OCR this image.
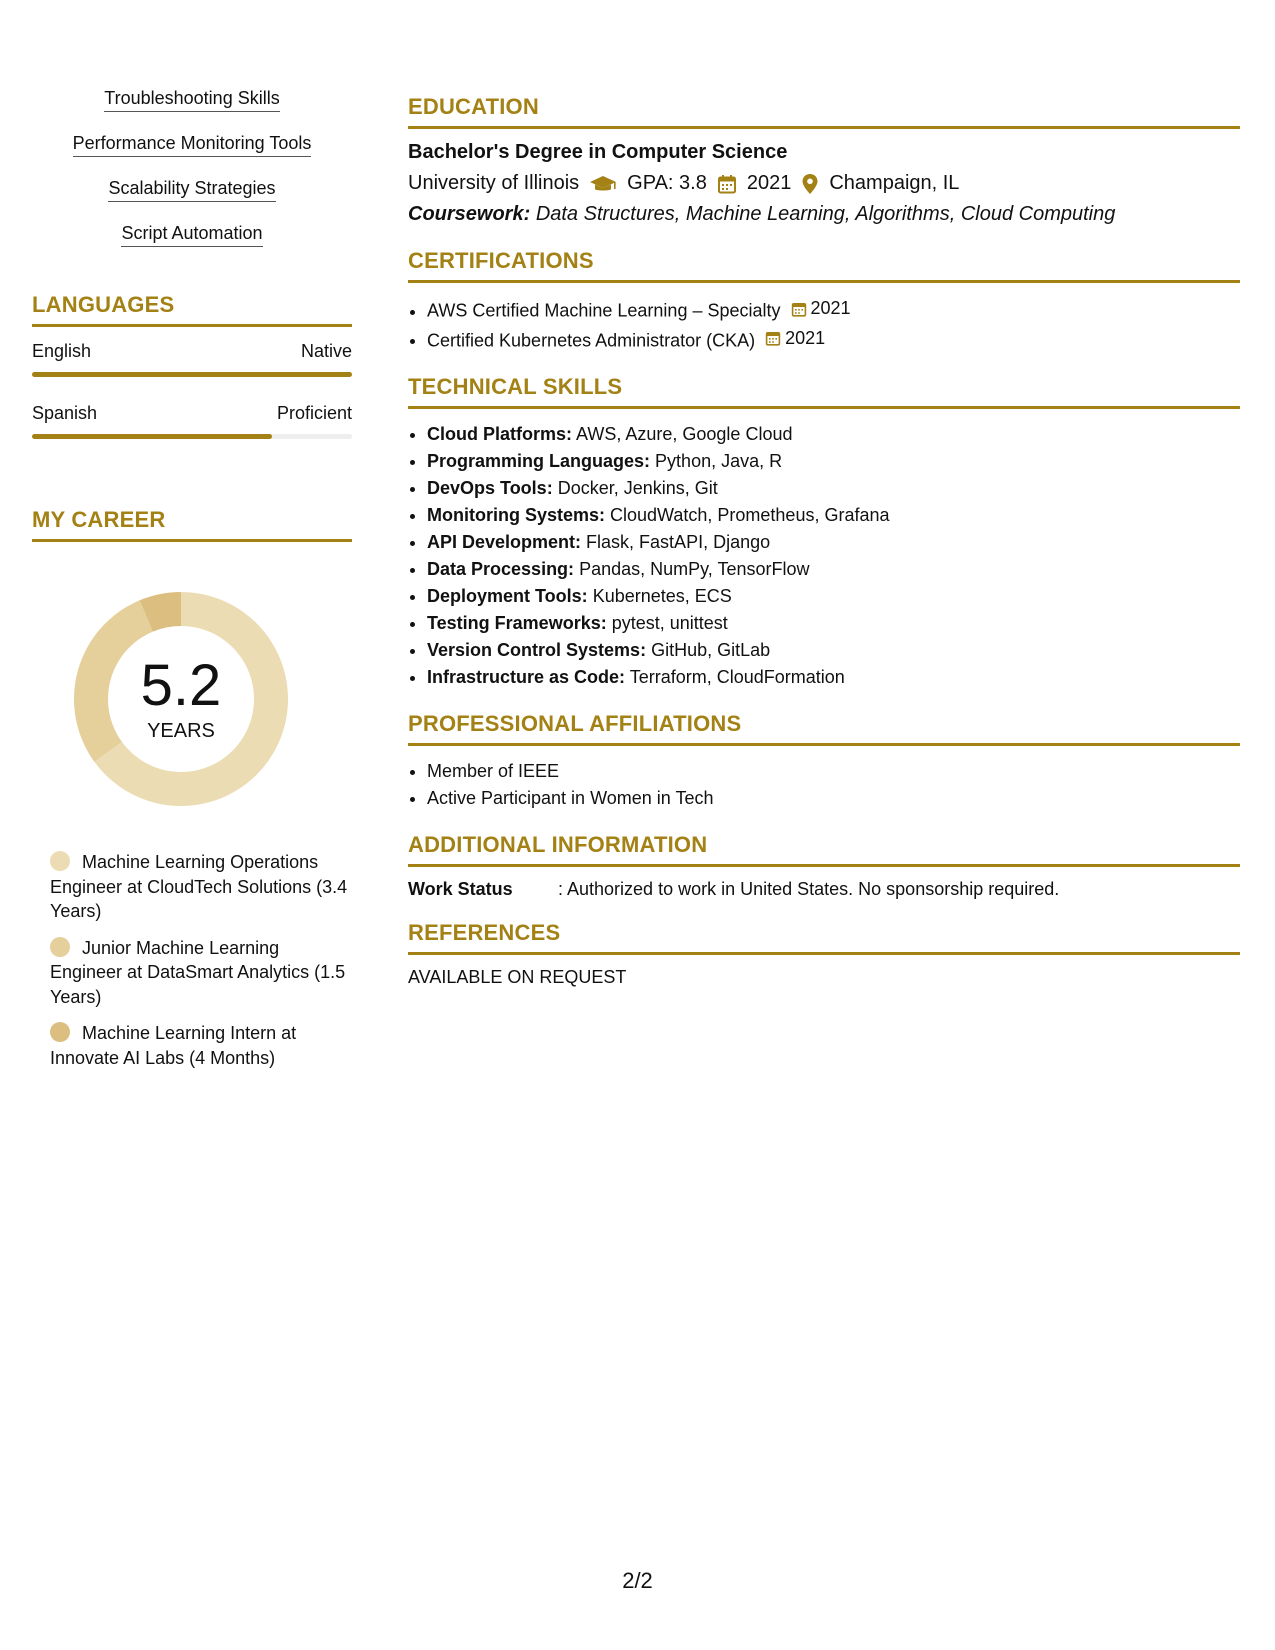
Troubleshooting Skills
Performance Monitoring Tools
Scalability Strategies
Script Automation
LANGUAGES
English	Native
Spanish	Proficient
MY CAREER
5.2
YEARS
Machine Learning Operations Engineer at CloudTech Solutions (3.4 Years)
Junior Machine Learning Engineer at DataSmart Analytics (1.5 Years)
Machine Learning Intern at Innovate AI Labs (4 Months)
EDUCATION
Bachelor's Degree in Computer Science
University of Illinois GPA: 3.8 2021 Champaign, IL
Coursework: Data Structures, Machine Learning, Algorithms, Cloud Computing
CERTIFICATIONS
• AWS Certified Machine Learning – Specialty 2021
• Certified Kubernetes Administrator (CKA) 2021
TECHNICAL SKILLS
• Cloud Platforms: AWS, Azure, Google Cloud
• Programming Languages: Python, Java, R
• DevOps Tools: Docker, Jenkins, Git
• Monitoring Systems: CloudWatch, Prometheus, Grafana
• API Development: Flask, FastAPI, Django
• Data Processing: Pandas, NumPy, TensorFlow
• Deployment Tools: Kubernetes, ECS
• Testing Frameworks: pytest, unittest
• Version Control Systems: GitHub, GitLab
• Infrastructure as Code: Terraform, CloudFormation
PROFESSIONAL AFFILIATIONS
• Member of IEEE
• Active Participant in Women in Tech
ADDITIONAL INFORMATION
Work Status	: Authorized to work in United States. No sponsorship required.
REFERENCES
AVAILABLE ON REQUEST
2/2
